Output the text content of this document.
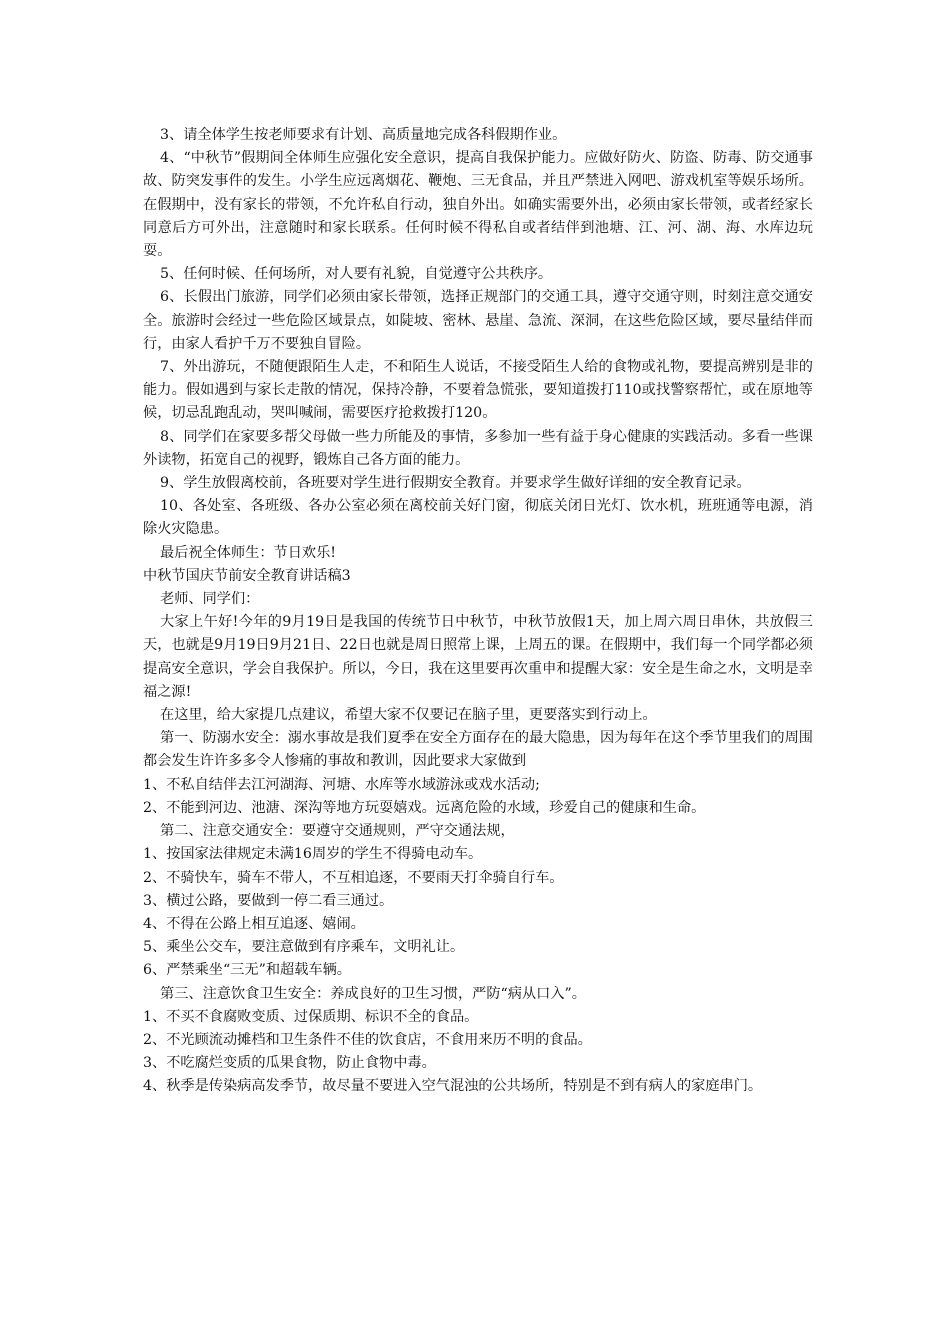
3、请全体学生按老师要求有计划、高质量地完成各科假期作业。

4、“中秋节”假期间全体师生应强化安全意识，提高自我保护能力。应做好防火、防盗、防毒、防交通事故、防突发事件的发生。小学生应远离烟花、鞭炮、三无食品，并且严禁进入网吧、游戏机室等娱乐场所。在假期中，没有家长的带领，不允许私自行动，独自外出。如确实需要外出，必须由家长带领，或者经家长同意后方可外出，注意随时和家长联系。任何时候不得私自或者结伴到池塘、江、河、湖、海、水库边玩耍。

5、任何时候、任何场所，对人要有礼貌，自觉遵守公共秩序。

6、长假出门旅游，同学们必须由家长带领，选择正规部门的交通工具，遵守交通守则，时刻注意交通安全。旅游时会经过一些危险区域景点，如陡坡、密林、悬崖、急流、深洞，在这些危险区域，要尽量结伴而行，由家人看护千万不要独自冒险。

7、外出游玩，不随便跟陌生人走，不和陌生人说话，不接受陌生人给的食物或礼物，要提高辨别是非的能力。假如遇到与家长走散的情况，保持冷静，不要着急慌张，要知道拨打110或找警察帮忙，或在原地等候，切忌乱跑乱动，哭叫喊闹，需要医疗抢救拨打120。

8、同学们在家要多帮父母做一些力所能及的事情，多参加一些有益于身心健康的实践活动。多看一些课外读物，拓宽自己的视野，锻炼自己各方面的能力。

9、学生放假离校前，各班要对学生进行假期安全教育。并要求学生做好详细的安全教育记录。

10、各处室、各班级、各办公室必须在离校前关好门窗，彻底关闭日光灯、饮水机，班班通等电源，消除火灾隐患。

最后祝全体师生：节日欢乐!

中秋节国庆节前安全教育讲话稿3

老师、同学们：

大家上午好!今年的9月19日是我国的传统节日中秋节，中秋节放假1天，加上周六周日串休，共放假三天，也就是9月19日9月21日、22日也就是周日照常上课，上周五的课。在假期中，我们每一个同学都必须提高安全意识，学会自我保护。所以，今日，我在这里要再次重申和提醒大家：安全是生命之水，文明是幸福之源!

在这里，给大家提几点建议，希望大家不仅要记在脑子里，更要落实到行动上。

第一、防溺水安全：溺水事故是我们夏季在安全方面存在的最大隐患，因为每年在这个季节里我们的周围都会发生许许多多令人惨痛的事故和教训，因此要求大家做到

1、不私自结伴去江河湖海、河塘、水库等水域游泳或戏水活动;

2、不能到河边、池溏、深沟等地方玩耍嬉戏。远离危险的水域，珍爱自己的健康和生命。

第二、注意交通安全：要遵守交通规则，严守交通法规，

1、按国家法律规定未满16周岁的学生不得骑电动车。

2、不骑快车，骑车不带人，不互相追逐，不要雨天打伞骑自行车。

3、横过公路，要做到一停二看三通过。

4、不得在公路上相互追逐、嬉闹。

5、乘坐公交车，要注意做到有序乘车，文明礼让。

6、严禁乘坐“三无”和超载车辆。

第三、注意饮食卫生安全：养成良好的卫生习惯，严防“病从口入”。

1、不买不食腐败变质、过保质期、标识不全的食品。

2、不光顾流动摊档和卫生条件不佳的饮食店，不食用来历不明的食品。

3、不吃腐烂变质的瓜果食物，防止食物中毒。

4、秋季是传染病高发季节，故尽量不要进入空气混浊的公共场所，特别是不到有病人的家庭串门。
